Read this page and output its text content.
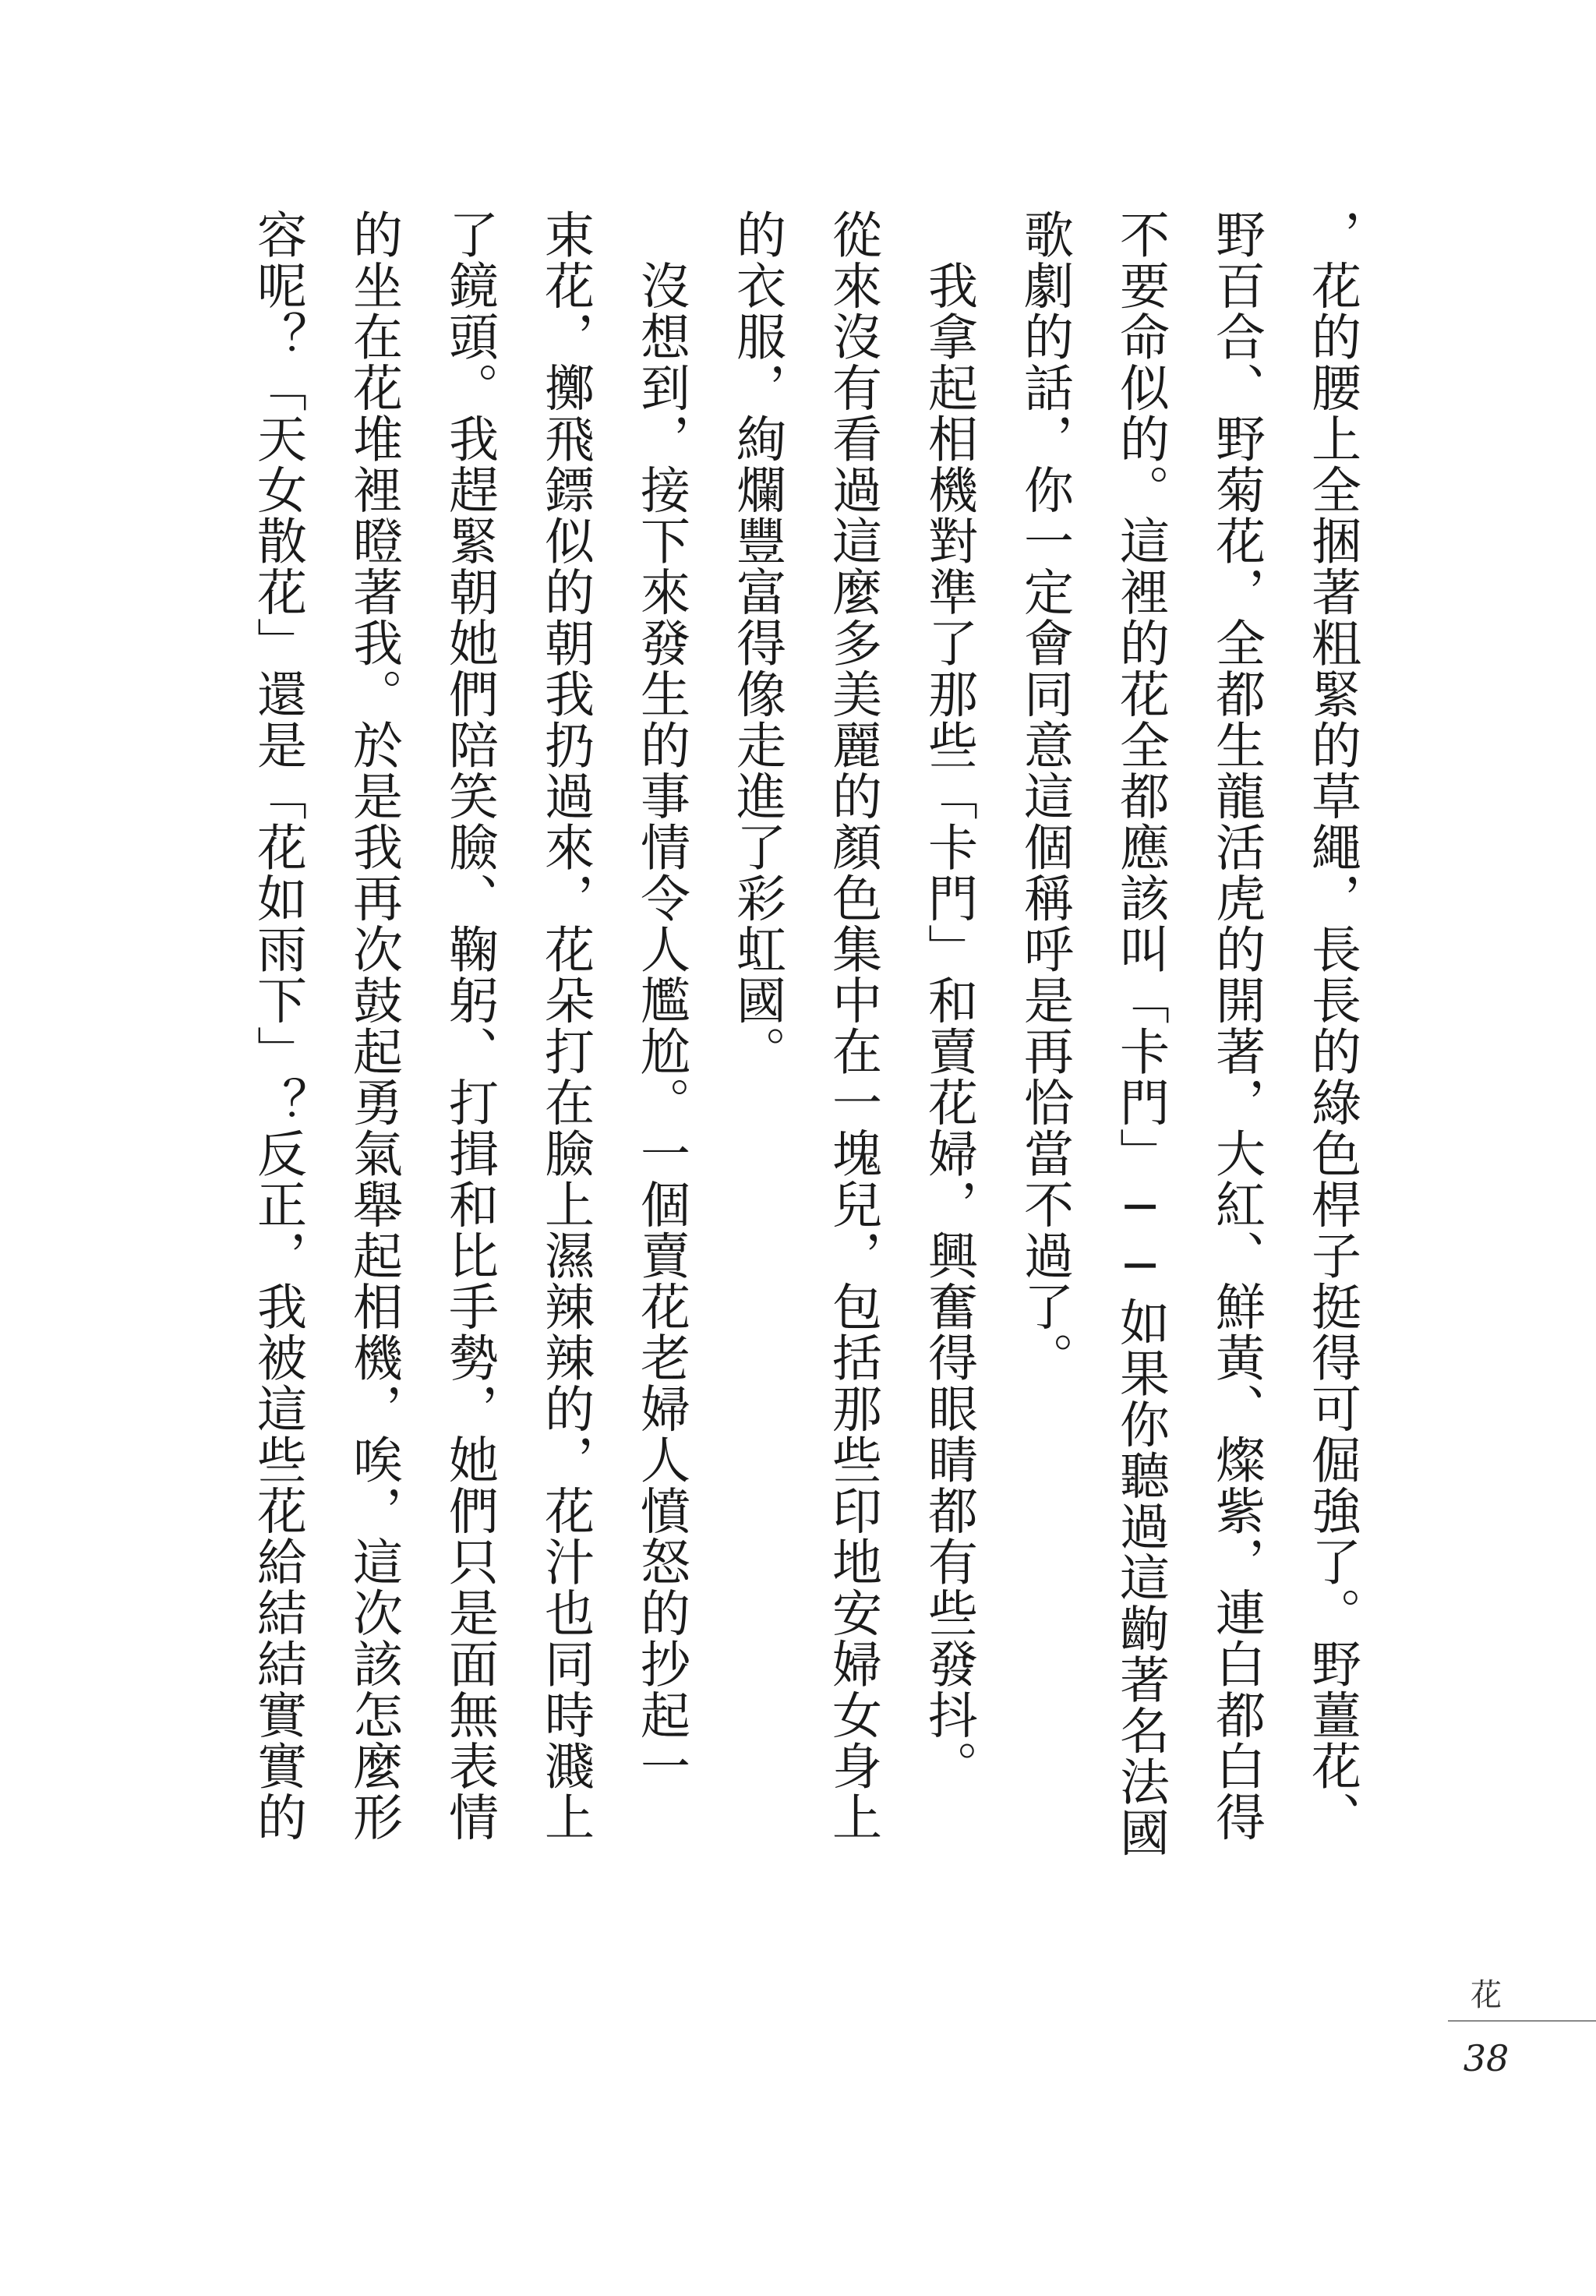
，花的腰上全捆著粗緊的草繩，長長的綠色桿子挺得可倔強了。野薑花、
野百合、野菊花，全都生龍活虎的開著，大紅、鮮黃、燦紫，連白都白得
不要命似的。這裡的花全都應該叫「卡門」──如果你聽過這齣著名法國
歌劇的話，你一定會同意這個稱呼是再恰當不過了。
　我拿起相機對準了那些「卡門」和賣花婦，興奮得眼睛都有些發抖。
從來沒有看過這麼多美麗的顏色集中在一塊兒，包括那些印地安婦女身上
的衣服，絢爛豐富得像走進了彩虹國。
　沒想到，接下來發生的事情令人尷尬。一個賣花老婦人憤怒的抄起一
束花，擲飛鏢似的朝我扔過來，花朵打在臉上濕辣辣的，花汁也同時濺上
了鏡頭。我趕緊朝她們陪笑臉、鞠躬、打揖和比手勢，她們只是面無表情
的坐在花堆裡瞪著我。於是我再次鼓起勇氣舉起相機，唉，這次該怎麼形
容呢？「天女散花」還是「花如雨下」？反正，我被這些花給結結實實的
花
38
